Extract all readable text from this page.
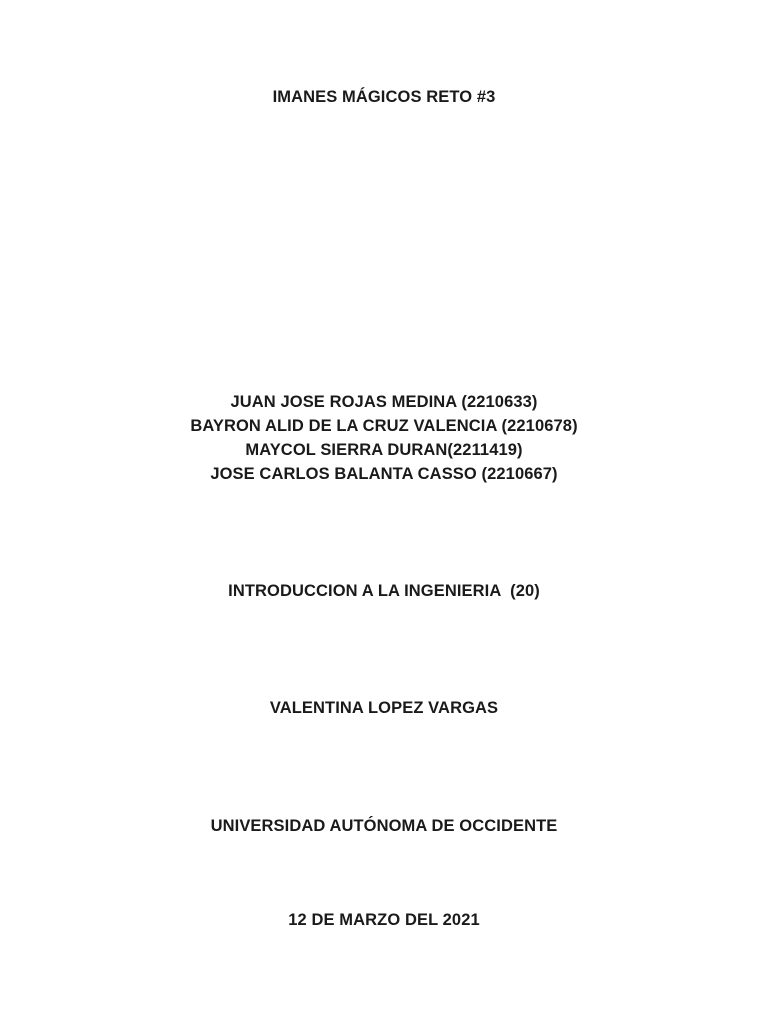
IMANES MÁGICOS RETO #3
JUAN JOSE ROJAS MEDINA (2210633)
BAYRON ALID DE LA CRUZ VALENCIA (2210678)
MAYCOL SIERRA DURAN(2211419)
JOSE CARLOS BALANTA CASSO (2210667)
INTRODUCCION A LA INGENIERIA  (20)
VALENTINA LOPEZ VARGAS
UNIVERSIDAD AUTÓNOMA DE OCCIDENTE
12 DE MARZO DEL 2021
